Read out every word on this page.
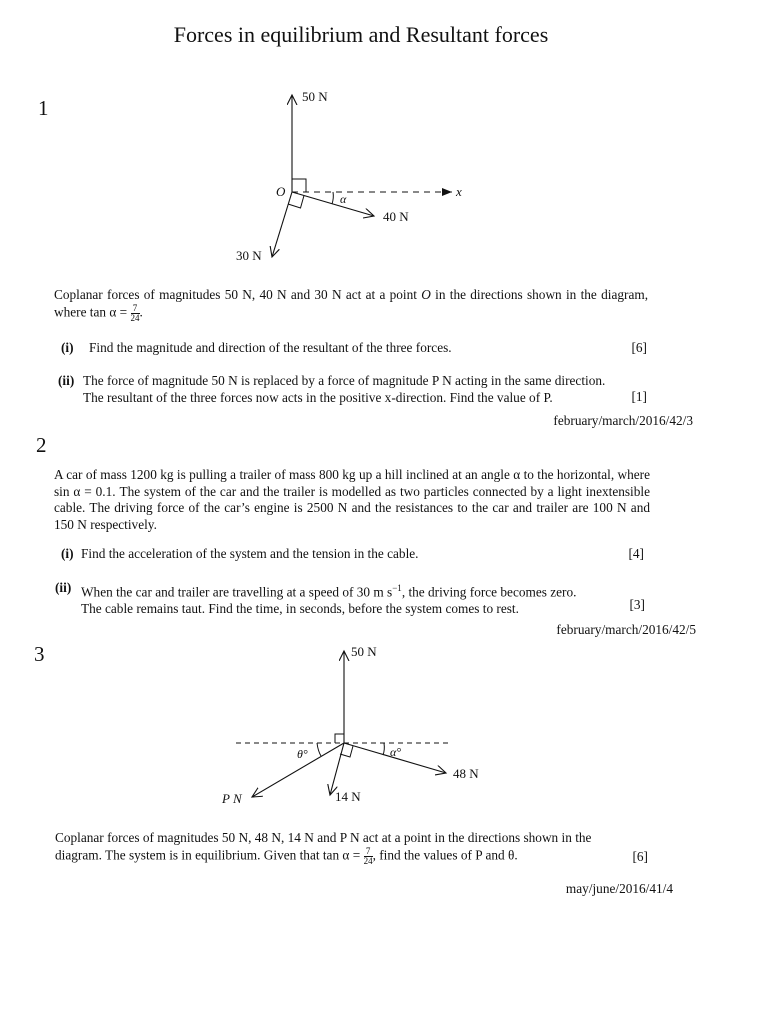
Forces in equilibrium and Resultant forces
1	50 N
40 N
30 N
O	x
α
Coplanar forces of magnitudes 50 N, 40 N and 30 N act at a point O in the directions shown in the diagram, where $\tan \alpha = \frac{7}{24}$ .
(i) Find the magnitude and direction of the resultant of the three forces.	[6]
(ii) The force of magnitude 50 N is replaced by a force of magnitude P N acting in the same direction.
The resultant of the three forces now acts in the positive x-direction. Find the value of P.	[1]
february/march/2016/42/3
2
A car of mass 1200 kg is pulling a trailer of mass 800 kg up a hill inclined at an angle α to the horizontal, where sin α = 0.1. The system of the car and the trailer is modelled as two particles connected by a light inextensible cable. The driving force of the car’s engine is 2500 N and the resistances to the car and trailer are 100 N and 150 N respectively.
(i) Find the acceleration of the system and the tension in the cable.	[4]
(ii) When the car and trailer are travelling at a speed of 30 m $s^{-1}$, the driving force becomes zero.
The cable remains taut. Find the time, in seconds, before the system comes to rest.	[3]
february/march/2016/42/5
3	50 N
48 N
14 N
P N
θ°	α°
Coplanar forces of magnitudes 50 N, 48 N, 14 N and P N act at a point in the directions shown in the
diagram. The system is in equilibrium. Given that $\tan \alpha = \frac{7}{24}$ , find the values of P and θ.	[6]
may/june/2016/41/4
